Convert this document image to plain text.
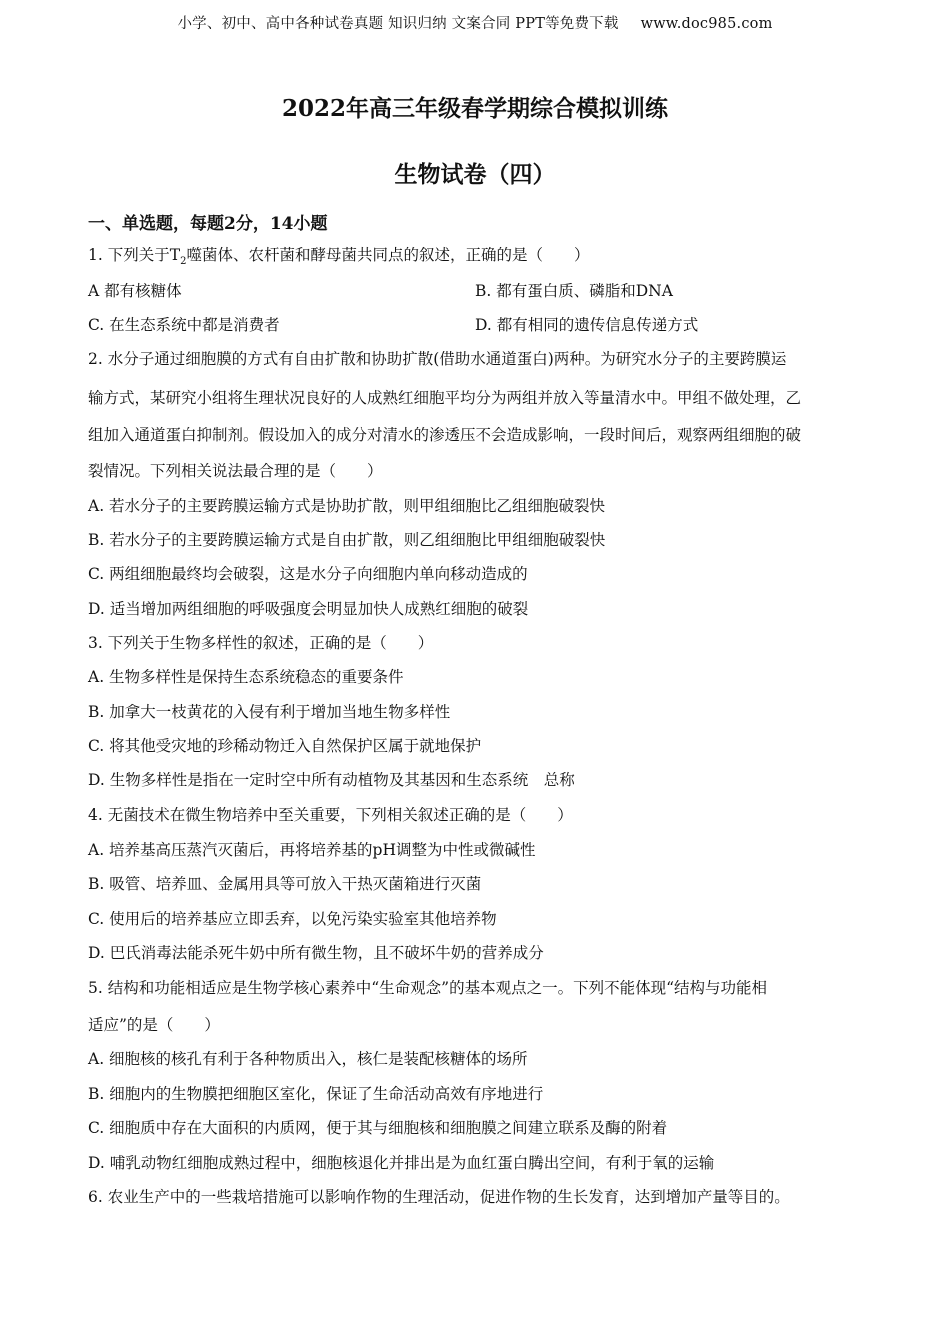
小学、初中、高中各种试卷真题 知识归纳 文案合同 PPT等免费下载 www.doc985.com
2022年高三年级春学期综合模拟训练
生物试卷（四）
一、单选题，每题2分，14小题
1. 下列关于$T_2$噬菌体、农杆菌和酵母菌共同点的叙述，正确的是（　　）
A 都有核糖体	B. 都有蛋白质、磷脂和DNA
C. 在生态系统中都是消费者	D. 都有相同的遗传信息传递方式
2. 水分子通过细胞膜的方式有自由扩散和协助扩散(借助水通道蛋白)两种。为研究水分子的主要跨膜运
输方式，某研究小组将生理状况良好的人成熟红细胞平均分为两组并放入等量清水中。甲组不做处理，乙
组加入通道蛋白抑制剂。假设加入的成分对清水的渗透压不会造成影响，一段时间后，观察两组细胞的破
裂情况。下列相关说法最合理的是（　　）
A. 若水分子的主要跨膜运输方式是协助扩散，则甲组细胞比乙组细胞破裂快
B. 若水分子的主要跨膜运输方式是自由扩散，则乙组细胞比甲组细胞破裂快
C. 两组细胞最终均会破裂，这是水分子向细胞内单向移动造成的
D. 适当增加两组细胞的呼吸强度会明显加快人成熟红细胞的破裂
3. 下列关于生物多样性的叙述，正确的是（　　）
A. 生物多样性是保持生态系统稳态的重要条件
B. 加拿大一枝黄花的入侵有利于增加当地生物多样性
C. 将其他受灾地的珍稀动物迁入自然保护区属于就地保护
D. 生物多样性是指在一定时空中所有动植物及其基因和生态系统　总称
4. 无菌技术在微生物培养中至关重要，下列相关叙述正确的是（　　）
A. 培养基高压蒸汽灭菌后，再将培养基的pH调整为中性或微碱性
B. 吸管、培养皿、金属用具等可放入干热灭菌箱进行灭菌
C. 使用后的培养基应立即丢弃，以免污染实验室其他培养物
D. 巴氏消毒法能杀死牛奶中所有微生物，且不破坏牛奶的营养成分
5. 结构和功能相适应是生物学核心素养中“生命观念”的基本观点之一。下列不能体现“结构与功能相
适应”的是（　　）
A. 细胞核的核孔有利于各种物质出入，核仁是装配核糖体的场所
B. 细胞内的生物膜把细胞区室化，保证了生命活动高效有序地进行
C. 细胞质中存在大面积的内质网，便于其与细胞核和细胞膜之间建立联系及酶的附着
D. 哺乳动物红细胞成熟过程中，细胞核退化并排出是为血红蛋白腾出空间，有利于氧的运输
6. 农业生产中的一些栽培措施可以影响作物的生理活动，促进作物的生长发育，达到增加产量等目的。
